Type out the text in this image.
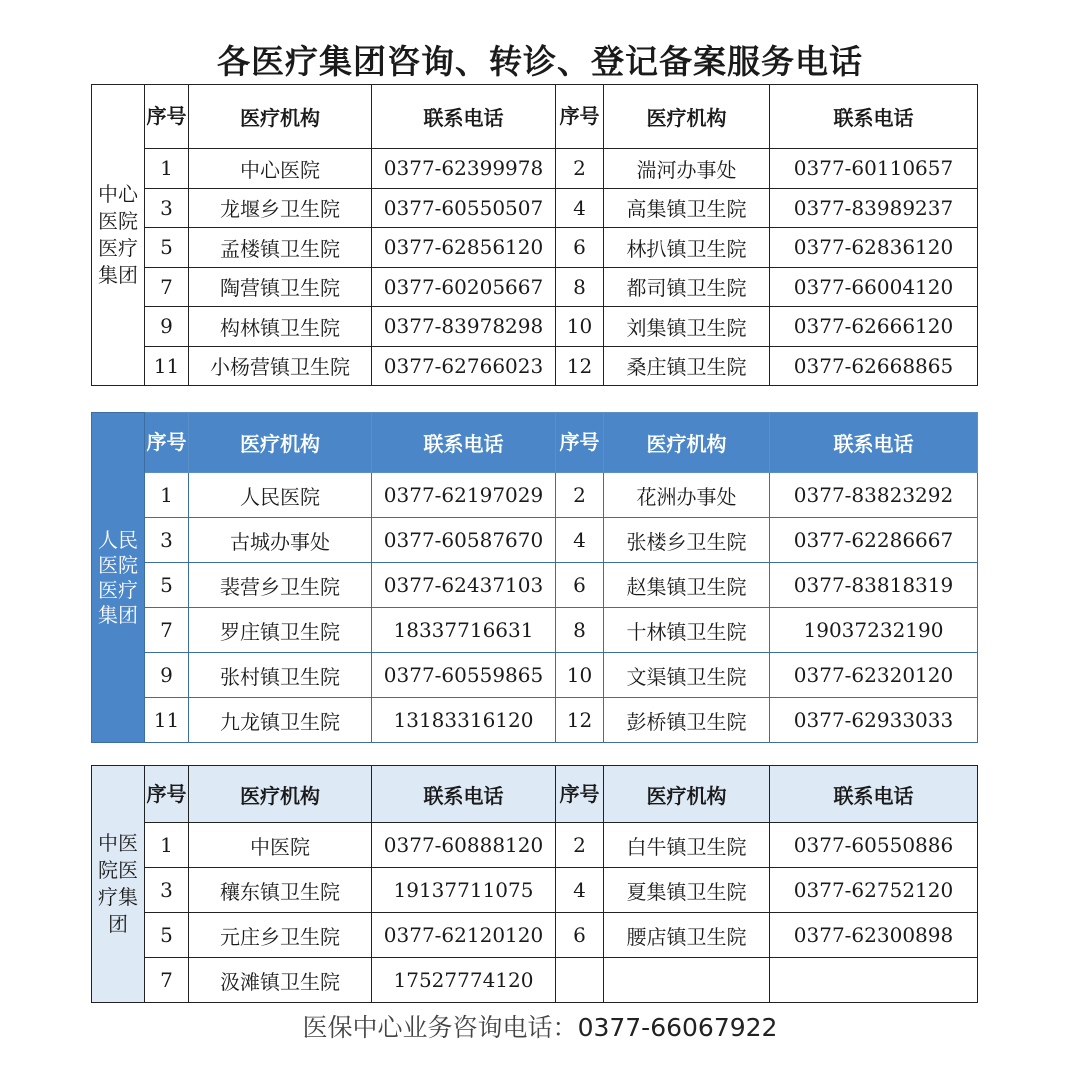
各医疗集团咨询、转诊、登记备案服务电话
中心医院医疗集团	序号	医疗机构	联系电话	序号	医疗机构	联系电话
	1	中心医院	0377-62399978	2	湍河办事处	0377-60110657
	3	龙堰乡卫生院	0377-60550507	4	高集镇卫生院	0377-83989237
	5	孟楼镇卫生院	0377-62856120	6	林扒镇卫生院	0377-62836120
	7	陶营镇卫生院	0377-60205667	8	都司镇卫生院	0377-66004120
	9	构林镇卫生院	0377-83978298	10	刘集镇卫生院	0377-62666120
	11	小杨营镇卫生院	0377-62766023	12	桑庄镇卫生院	0377-62668865
人民医院医疗集团	序号	医疗机构	联系电话	序号	医疗机构	联系电话
	1	人民医院	0377-62197029	2	花洲办事处	0377-83823292
	3	古城办事处	0377-60587670	4	张楼乡卫生院	0377-62286667
	5	裴营乡卫生院	0377-62437103	6	赵集镇卫生院	0377-83818319
	7	罗庄镇卫生院	18337716631	8	十林镇卫生院	19037232190
	9	张村镇卫生院	0377-60559865	10	文渠镇卫生院	0377-62320120
	11	九龙镇卫生院	13183316120	12	彭桥镇卫生院	0377-62933033
中医院医疗集团	序号	医疗机构	联系电话	序号	医疗机构	联系电话
	1	中医院	0377-60888120	2	白牛镇卫生院	0377-60550886
	3	穰东镇卫生院	19137711075	4	夏集镇卫生院	0377-62752120
	5	元庄乡卫生院	0377-62120120	6	腰店镇卫生院	0377-62300898
	7	汲滩镇卫生院	17527774120			
医保中心业务咨询电话：0377-66067922
